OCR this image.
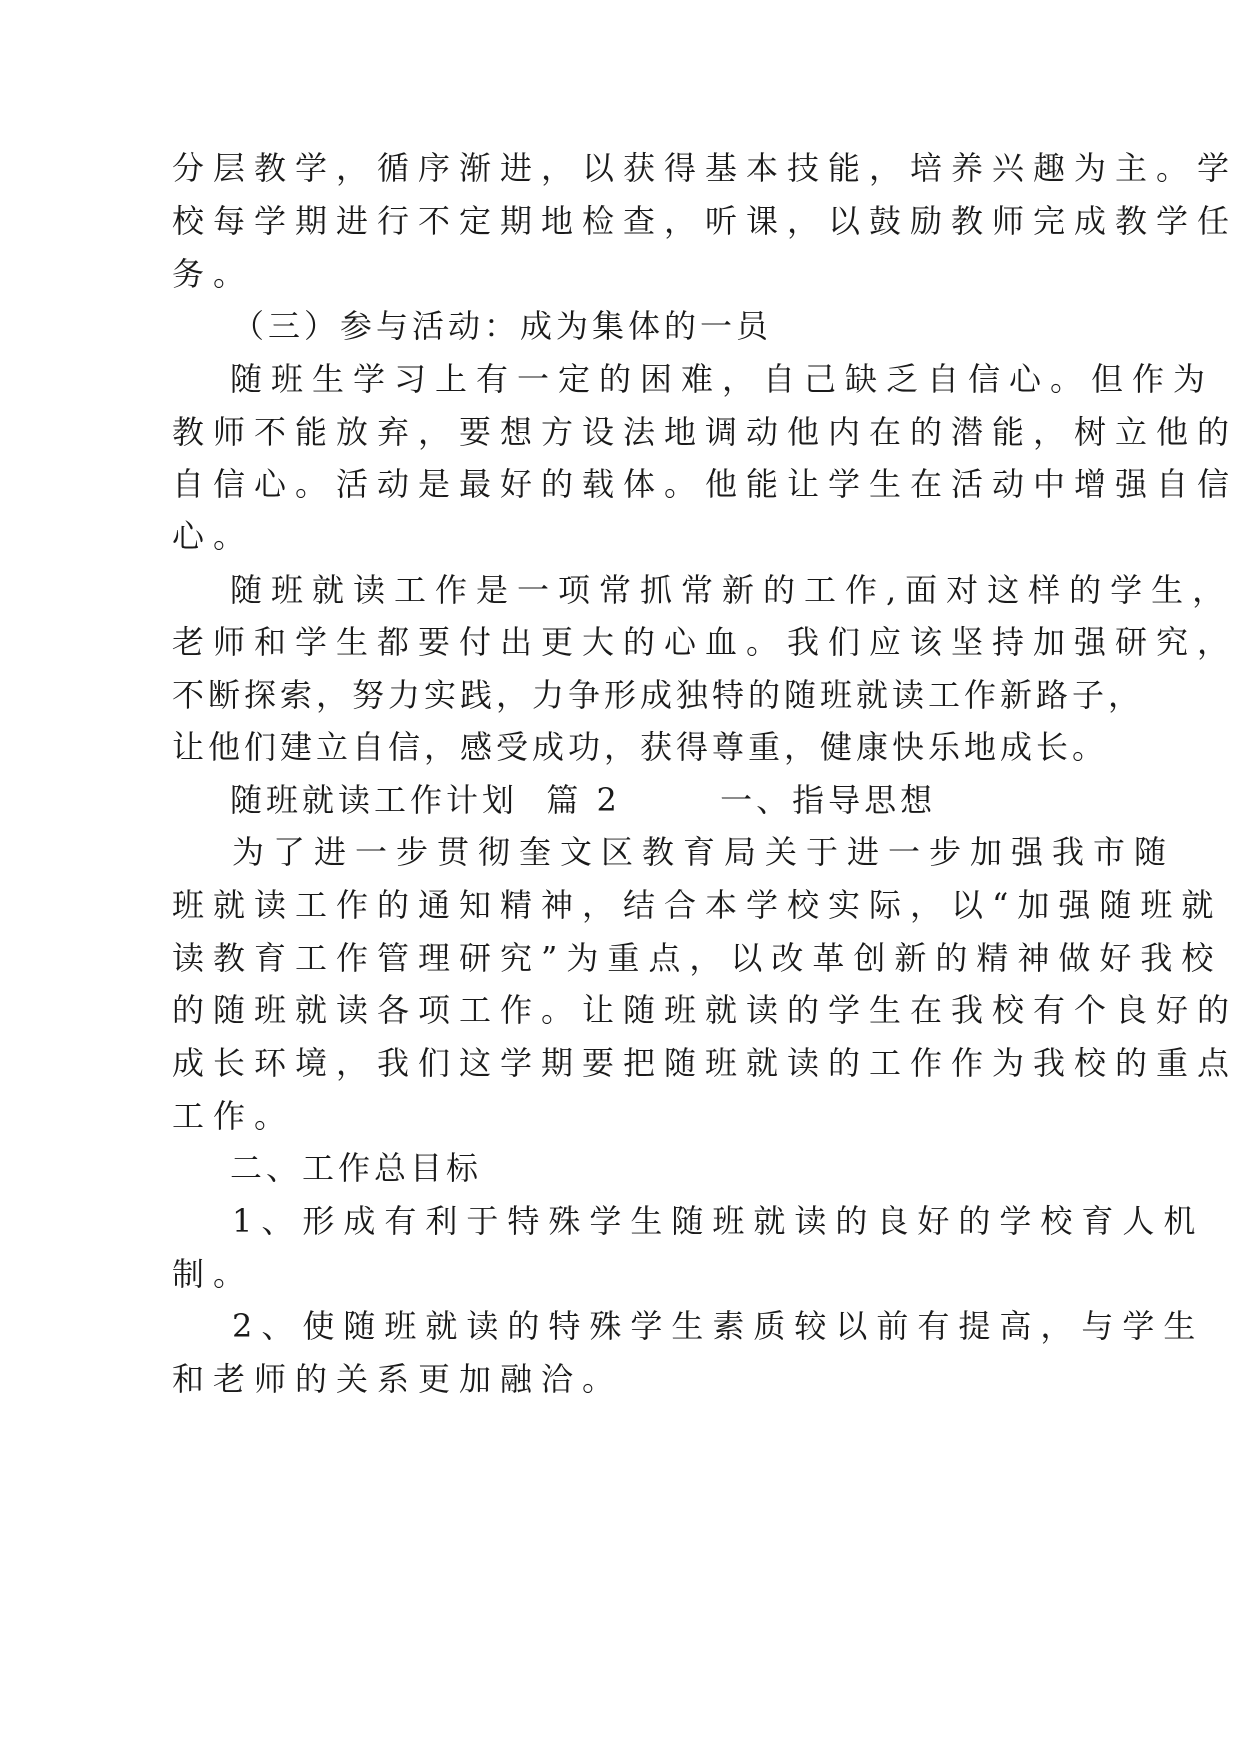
分层教学，循序渐进，以获得基本技能，培养兴趣为主。学

校每学期进行不定期地检查，听课，以鼓励教师完成教学任

务。

（三）参与活动：成为集体的一员

随班生学习上有一定的困难，自己缺乏自信心。但作为

教师不能放弃，要想方设法地调动他内在的潜能，树立他的

自信心。活动是最好的载体。他能让学生在活动中增强自信

心。

随班就读工作是一项常抓常新的工作,面对这样的学生，

老师和学生都要付出更大的心血。我们应该坚持加强研究，

不断探索，努力实践，力争形成独特的随班就读工作新路子，

让他们建立自信，感受成功，获得尊重，健康快乐地成长。

随班就读工作计划  篇 2       一、指导思想

为了进一步贯彻奎文区教育局关于进一步加强我市随

班就读工作的通知精神，结合本学校实际，以“加强随班就

读教育工作管理研究”为重点，以改革创新的精神做好我校

的随班就读各项工作。让随班就读的学生在我校有个良好的

成长环境，我们这学期要把随班就读的工作作为我校的重点

工作。

二、工作总目标

1、形成有利于特殊学生随班就读的良好的学校育人机

制。

2、使随班就读的特殊学生素质较以前有提高，与学生

和老师的关系更加融洽。
